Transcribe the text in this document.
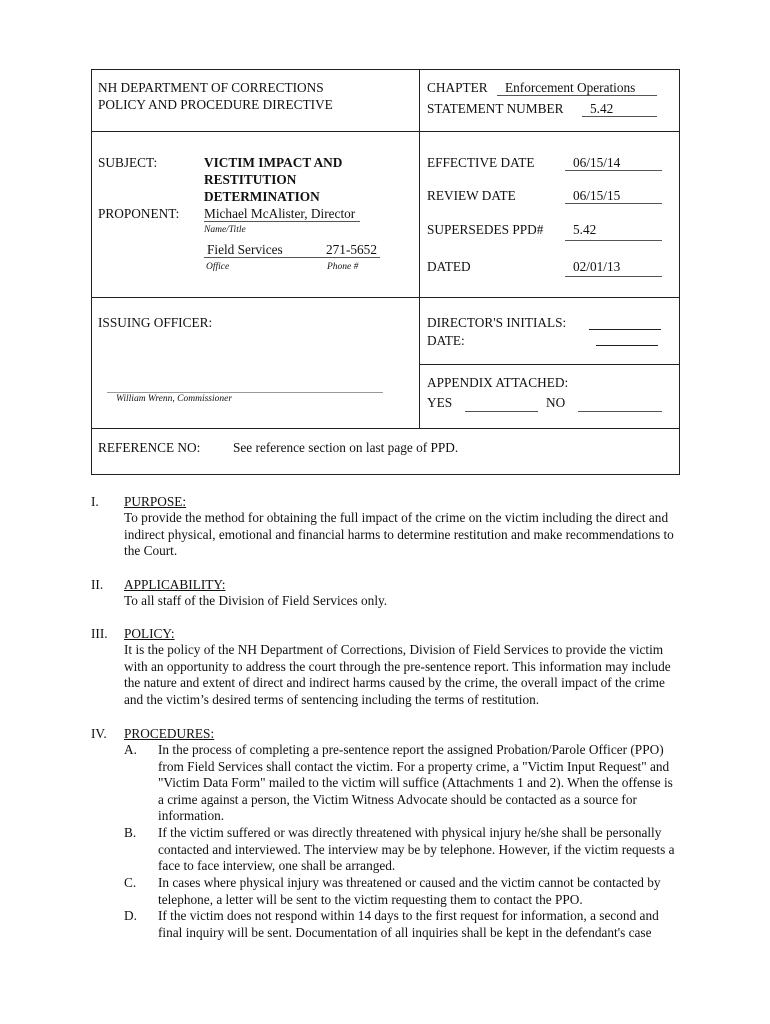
NH DEPARTMENT OF CORRECTIONS
POLICY AND PROCEDURE DIRECTIVE
CHAPTER Enforcement Operations
STATEMENT NUMBER 5.42
SUBJECT:	VICTIM IMPACT AND
RESTITUTION
DETERMINATION
PROPONENT: Michael McAlister, Director
Name/Title
Field Services	271-5652
Office	Phone #
EFFECTIVE DATE	06/15/14
REVIEW DATE	06/15/15
SUPERSEDES PPD# 5.42
DATED	02/01/13
ISSUING OFFICER:
William Wrenn, Commissioner
DIRECTOR'S INITIALS:
DATE:
APPENDIX ATTACHED:
YES	NO
REFERENCE NO: See reference section on last page of PPD.
I. PURPOSE:
To provide the method for obtaining the full impact of the crime on the victim including the direct and indirect physical, emotional and financial harms to determine restitution and make recommendations to the Court.
II. APPLICABILITY:
To all staff of the Division of Field Services only.
III. POLICY:
It is the policy of the NH Department of Corrections, Division of Field Services to provide the victim with an opportunity to address the court through the pre-sentence report. This information may include the nature and extent of direct and indirect harms caused by the crime, the overall impact of the crime and the victim’s desired terms of sentencing including the terms of restitution.
IV. PROCEDURES:
A. In the process of completing a pre-sentence report the assigned Probation/Parole Officer (PPO) from Field Services shall contact the victim. For a property crime, a "Victim Input Request" and "Victim Data Form" mailed to the victim will suffice (Attachments 1 and 2). When the offense is a crime against a person, the Victim Witness Advocate should be contacted as a source for information.
B. If the victim suffered or was directly threatened with physical injury he/she shall be personally contacted and interviewed. The interview may be by telephone. However, if the victim requests a face to face interview, one shall be arranged.
C. In cases where physical injury was threatened or caused and the victim cannot be contacted by telephone, a letter will be sent to the victim requesting them to contact the PPO.
D. If the victim does not respond within 14 days to the first request for information, a second and final inquiry will be sent. Documentation of all inquiries shall be kept in the defendant's case
